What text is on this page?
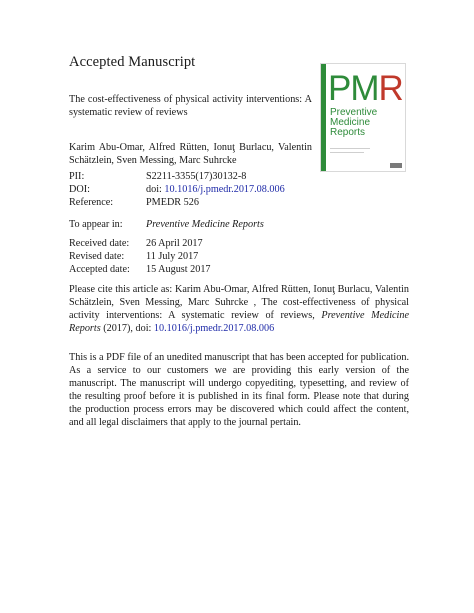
Accepted Manuscript
The cost-effectiveness of physical activity interventions: A systematic review of reviews
Karim Abu-Omar, Alfred Rütten, Ionuţ Burlacu, Valentin Schätzlein, Sven Messing, Marc Suhrcke
PMR
Preventive
Medicine
Reports
PII:	S2211-3355(17)30132-8
DOI:	doi: 10.1016/j.pmedr.2017.08.006
Reference:	PMEDR 526
To appear in:	Preventive Medicine Reports
Received date:	26 April 2017
Revised date:	11 July 2017
Accepted date:	15 August 2017
Please cite this article as: Karim Abu-Omar, Alfred Rütten, Ionuţ Burlacu, Valentin Schätzlein, Sven Messing, Marc Suhrcke , The cost-effectiveness of physical activity interventions: A systematic review of reviews, Preventive Medicine Reports (2017), doi: 10.1016/j.pmedr.2017.08.006
This is a PDF file of an unedited manuscript that has been accepted for publication. As a service to our customers we are providing this early version of the manuscript. The manuscript will undergo copyediting, typesetting, and review of the resulting proof before it is published in its final form. Please note that during the production process errors may be discovered which could affect the content, and all legal disclaimers that apply to the journal pertain.
